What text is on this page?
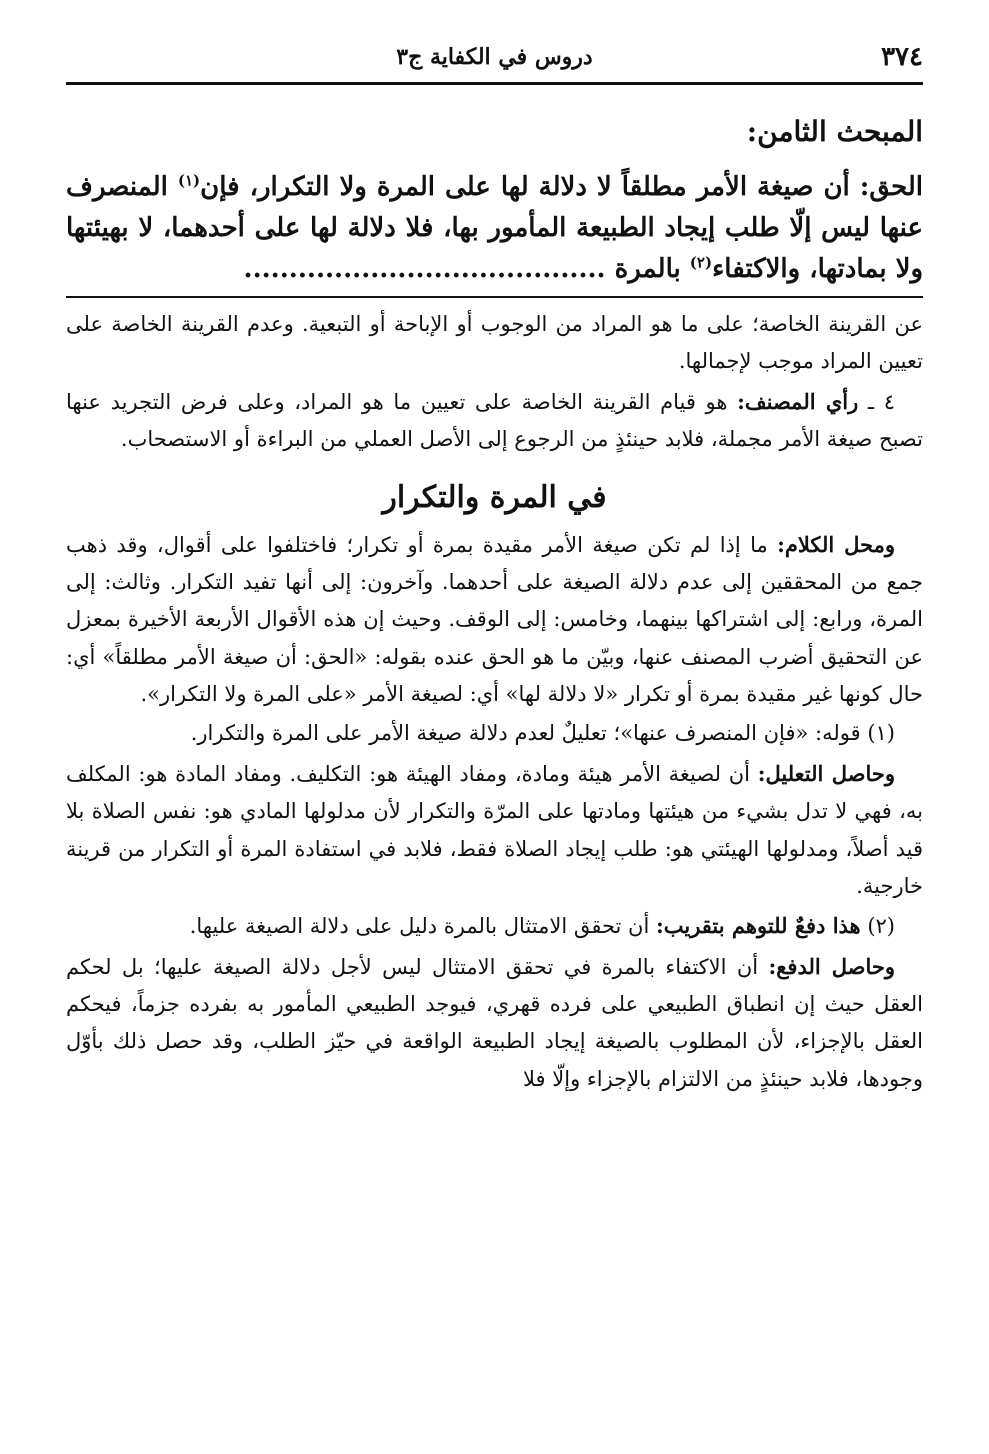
٣٧٤
دروس في الكفاية ج٣

المبحث الثامن:

الحق: أن صيغة الأمر مطلقاً لا دلالة لها على المرة ولا التكرار، فإن$^{(١)}$ المنصرف عنها ليس إلّا طلب إيجاد الطبيعة المأمور بها، فلا دلالة لها على أحدهما، لا بهيئتها ولا بمادتها، والاكتفاء$^{(٢)}$ بالمرة ........................................

عن القرينة الخاصة؛ على ما هو المراد من الوجوب أو الإباحة أو التبعية. وعدم القرينة الخاصة على تعيين المراد موجب لإجمالها.

٤ ـ رأي المصنف: هو قيام القرينة الخاصة على تعيين ما هو المراد، وعلى فرض التجريد عنها تصبح صيغة الأمر مجملة، فلابد حينئذٍ من الرجوع إلى الأصل العملي من البراءة أو الاستصحاب.

في المرة والتكرار

ومحل الكلام: ما إذا لم تكن صيغة الأمر مقيدة بمرة أو تكرار؛ فاختلفوا على أقوال، وقد ذهب جمع من المحققين إلى عدم دلالة الصيغة على أحدهما. وآخرون: إلى أنها تفيد التكرار. وثالث: إلى المرة، ورابع: إلى اشتراكها بينهما، وخامس: إلى الوقف. وحيث إن هذه الأقوال الأربعة الأخيرة بمعزل عن التحقيق أضرب المصنف عنها، وبيّن ما هو الحق عنده بقوله: «الحق: أن صيغة الأمر مطلقاً» أي: حال كونها غير مقيدة بمرة أو تكرار «لا دلالة لها» أي: لصيغة الأمر «على المرة ولا التكرار».

(١) قوله: «فإن المنصرف عنها»؛ تعليلٌ لعدم دلالة صيغة الأمر على المرة والتكرار.

وحاصل التعليل: أن لصيغة الأمر هيئة ومادة، ومفاد الهيئة هو: التكليف. ومفاد المادة هو: المكلف به، فهي لا تدل بشيء من هيئتها ومادتها على المرّة والتكرار لأن مدلولها المادي هو: نفس الصلاة بلا قيد أصلاً، ومدلولها الهيئتي هو: طلب إيجاد الصلاة فقط، فلابد في استفادة المرة أو التكرار من قرينة خارجية.

(٢) هذا دفعٌ للتوهم بتقريب: أن تحقق الامتثال بالمرة دليل على دلالة الصيغة عليها.

وحاصل الدفع: أن الاكتفاء بالمرة في تحقق الامتثال ليس لأجل دلالة الصيغة عليها؛ بل لحكم العقل حيث إن انطباق الطبيعي على فرده قهري، فيوجد الطبيعي المأمور به بفرده جزماً، فيحكم العقل بالإجزاء، لأن المطلوب بالصيغة إيجاد الطبيعة الواقعة في حيّز الطلب، وقد حصل ذلك بأوّل وجودها، فلابد حينئذٍ من الالتزام بالإجزاء وإلّا فلا
